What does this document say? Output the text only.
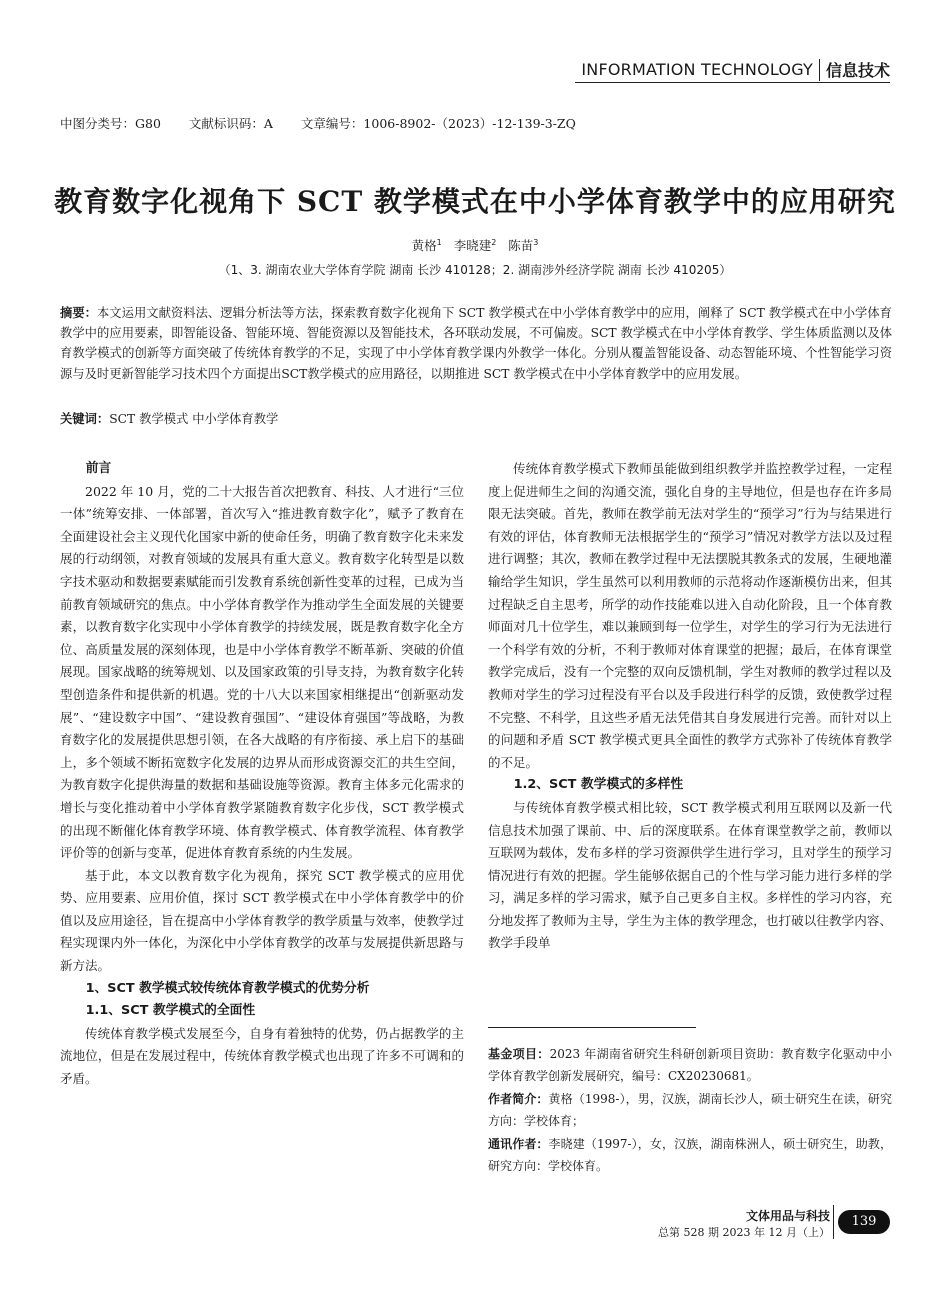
INFORMATION TECHNOLOGY 信息技术
中图分类号：G80 文献标识码：A 文章编号：1006-8902-（2023）-12-139-3-ZQ
教育数字化视角下 SCT 教学模式在中小学体育教学中的应用研究
黄格$^1$ 李晓建$^2$ 陈苗$^3$
（1、3. 湖南农业大学体育学院 湖南 长沙 410128；2. 湖南涉外经济学院 湖南 长沙 410205）
摘要：本文运用文献资料法、逻辑分析法等方法，探索教育数字化视角下 SCT 教学模式在中小学体育教学中的应用，阐释了 SCT 教学模式在中小学体育教学中的应用要素，即智能设备、智能环境、智能资源以及智能技术，各环联动发展，不可偏废。SCT 教学模式在中小学体育教学、学生体质监测以及体育教学模式的创新等方面突破了传统体育教学的不足，实现了中小学体育教学课内外教学一体化。分别从覆盖智能设备、动态智能环境、个性智能学习资源与及时更新智能学习技术四个方面提出SCT教学模式的应用路径，以期推进 SCT 教学模式在中小学体育教学中的应用发展。
关键词：SCT 教学模式 中小学体育教学
前言

2022 年 10 月，党的二十大报告首次把教育、科技、人才进行“三位一体”统筹安排、一体部署，首次写入“推进教育数字化”，赋予了教育在全面建设社会主义现代化国家中新的使命任务，明确了教育数字化未来发展的行动纲领，对教育领域的发展具有重大意义。教育数字化转型是以数字技术驱动和数据要素赋能而引发教育系统创新性变革的过程，已成为当前教育领域研究的焦点。中小学体育教学作为推动学生全面发展的关键要素，以教育数字化实现中小学体育教学的持续发展，既是教育数字化全方位、高质量发展的深刻体现，也是中小学体育教学不断革新、突破的价值展现。国家战略的统筹规划、以及国家政策的引导支持，为教育数字化转型创造条件和提供新的机遇。党的十八大以来国家相继提出“创新驱动发展”、“建设数字中国”、“建设教育强国”、“建设体育强国”等战略，为教育数字化的发展提供思想引领，在各大战略的有序衔接、承上启下的基础上，多个领域不断拓宽数字化发展的边界从而形成资源交汇的共生空间，为教育数字化提供海量的数据和基础设施等资源。教育主体多元化需求的增长与变化推动着中小学体育教学紧随教育数字化步伐，SCT 教学模式的出现不断催化体育教学环境、体育教学模式、体育教学流程、体育教学评价等的创新与变革，促进体育教育系统的内生发展。

基于此，本文以教育数字化为视角，探究 SCT 教学模式的应用优势、应用要素、应用价值，探讨 SCT 教学模式在中小学体育教学中的价值以及应用途径，旨在提高中小学体育教学的教学质量与效率，使教学过程实现课内外一体化，为深化中小学体育教学的改革与发展提供新思路与新方法。

1、SCT 教学模式较传统体育教学模式的优势分析
1.1、SCT 教学模式的全面性

传统体育教学模式发展至今，自身有着独特的优势，仍占据教学的主流地位，但是在发展过程中，传统体育教学模式也出现了许多不可调和的矛盾。

传统体育教学模式下教师虽能做到组织教学并监控教学过程，一定程度上促进师生之间的沟通交流，强化自身的主导地位，但是也存在许多局限无法突破。首先，教师在教学前无法对学生的“预学习”行为与结果进行有效的评估，体育教师无法根据学生的“预学习”情况对教学方法以及过程进行调整；其次，教师在教学过程中无法摆脱其教条式的发展，生硬地灌输给学生知识，学生虽然可以利用教师的示范将动作逐渐模仿出来，但其过程缺乏自主思考，所学的动作技能难以进入自动化阶段，且一个体育教师面对几十位学生，难以兼顾到每一位学生，对学生的学习行为无法进行一个科学有效的分析，不利于教师对体育课堂的把握；最后，在体育课堂教学完成后，没有一个完整的双向反馈机制，学生对教师的教学过程以及教师对学生的学习过程没有平台以及手段进行科学的反馈，致使教学过程不完整、不科学，且这些矛盾无法凭借其自身发展进行完善。而针对以上的问题和矛盾 SCT 教学模式更具全面性的教学方式弥补了传统体育教学的不足。

1.2、SCT 教学模式的多样性

与传统体育教学模式相比较，SCT 教学模式利用互联网以及新一代信息技术加强了课前、中、后的深度联系。在体育课堂教学之前，教师以互联网为载体，发布多样的学习资源供学生进行学习，且对学生的预学习情况进行有效的把握。学生能够依据自己的个性与学习能力进行多样的学习，满足多样的学习需求，赋予自己更多自主权。多样性的学习内容，充分地发挥了教师为主导，学生为主体的教学理念，也打破以往教学内容、教学手段单

基金项目：2023 年湖南省研究生科研创新项目资助：教育数字化驱动中小学体育教学创新发展研究，编号：CX20230681。

作者简介：黄格（1998-），男，汉族，湖南长沙人，硕士研究生在读，研究方向：学校体育；

通讯作者：李晓建（1997-），女，汉族，湖南株洲人，硕士研究生，助教，研究方向：学校体育。

文体用品与科技
总第 528 期 2023 年 12 月（上）
139
